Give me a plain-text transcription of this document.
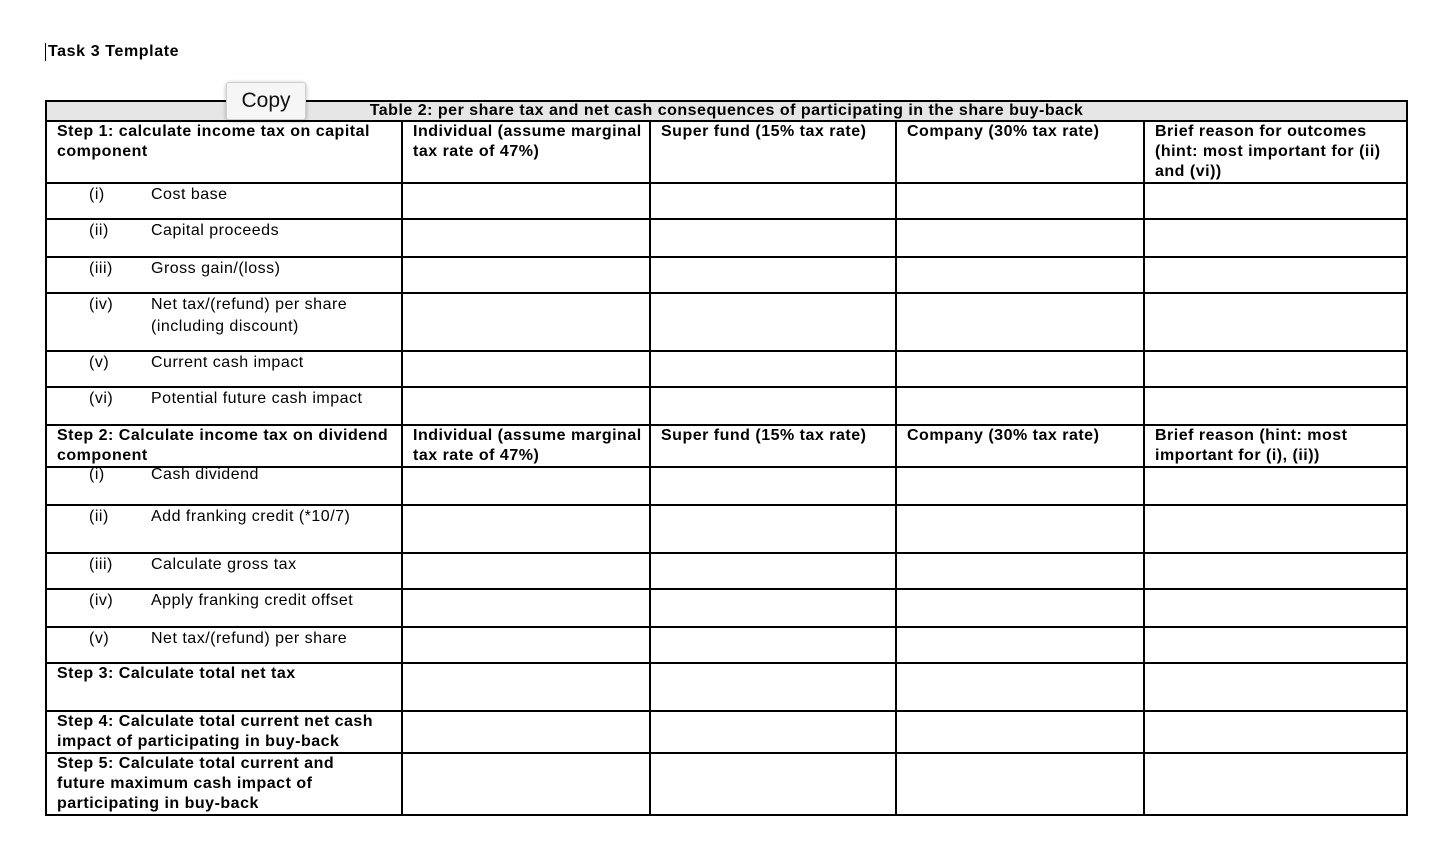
Task 3 Template
Copy	Table 2: per share tax and net cash consequences of participating in the share buy-back				
Step 1: calculate income tax on capital component	Individual (assume marginal tax rate of 47%)	Super fund (15% tax rate)	Company (30% tax rate)	Brief reason for outcomes (hint: most important for (ii) and (vi))

(i) Cost base				

(ii) Capital proceeds				

(iii) Gross gain/(loss)				

(iv) Net tax/(refund) per share (including discount)				

(v) Current cash impact				

(vi) Potential future cash impact				

Step 2: Calculate income tax on dividend component	Individual (assume marginal tax rate of 47%)	Super fund (15% tax rate)	Company (30% tax rate)	Brief reason (hint: most important for (i), (ii))

(i) Cash dividend				

(ii) Add franking credit (*10/7)				

(iii) Calculate gross tax				

(iv) Apply franking credit offset				

(v) Net tax/(refund) per share				

Step 3: Calculate total net tax				
Step 4: Calculate total current net cash impact of participating in buy-back				
Step 5: Calculate total current and future maximum cash impact of participating in buy-back				
